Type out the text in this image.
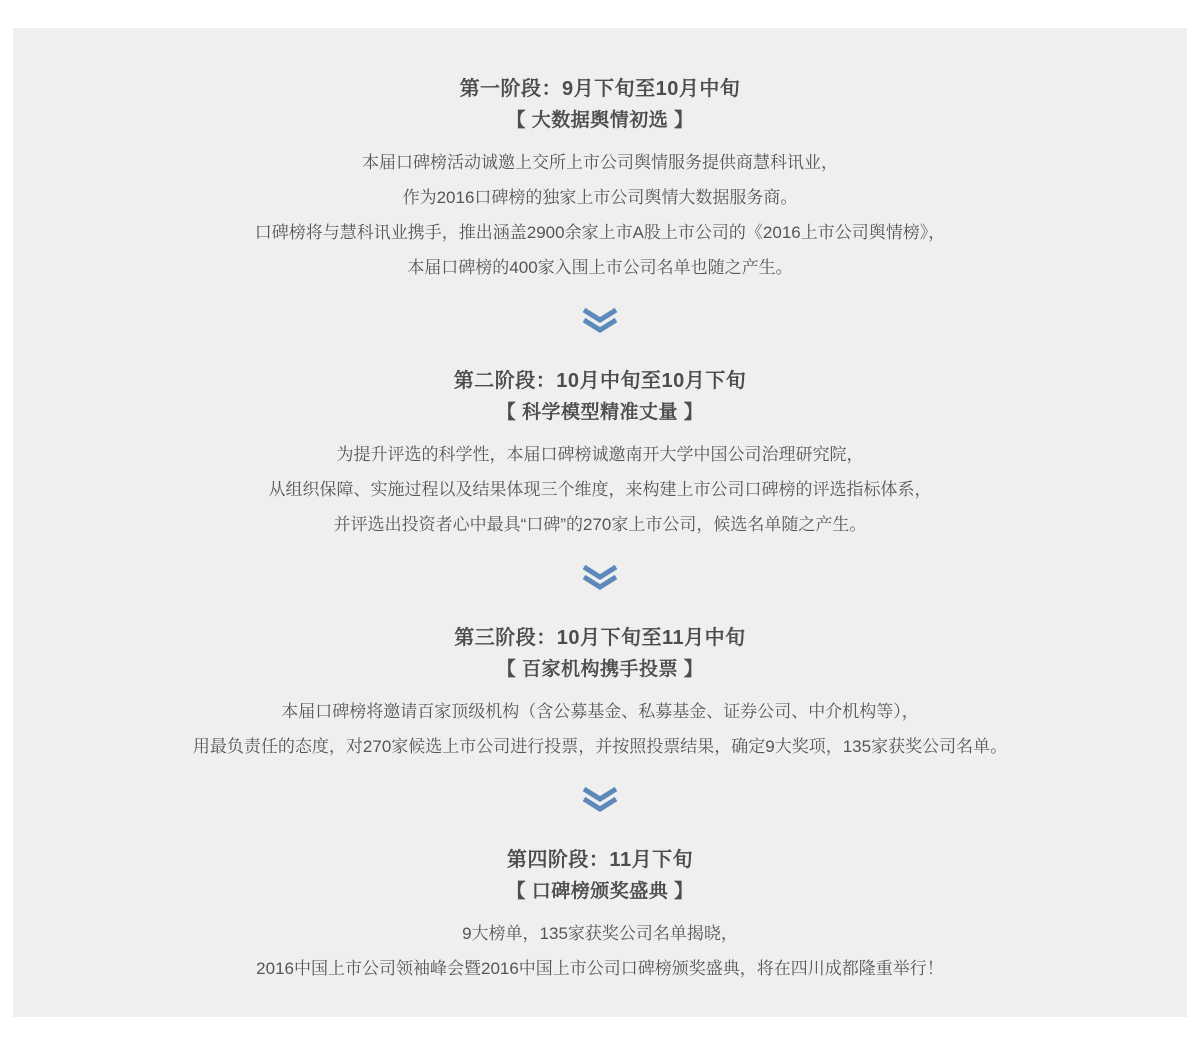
第一阶段：9月下旬至10月中旬
【 大数据舆情初选 】
本届口碑榜活动诚邀上交所上市公司舆情服务提供商慧科讯业，
作为2016口碑榜的独家上市公司舆情大数据服务商。
口碑榜将与慧科讯业携手，推出涵盖2900余家上市A股上市公司的《2016上市公司舆情榜》，
本届口碑榜的400家入围上市公司名单也随之产生。
第二阶段：10月中旬至10月下旬
【 科学模型精准丈量 】
为提升评选的科学性，本届口碑榜诚邀南开大学中国公司治理研究院，
从组织保障、实施过程以及结果体现三个维度，来构建上市公司口碑榜的评选指标体系，
并评选出投资者心中最具“口碑”的270家上市公司，候选名单随之产生。
第三阶段：10月下旬至11月中旬
【 百家机构携手投票 】
本届口碑榜将邀请百家顶级机构（含公募基金、私募基金、证券公司、中介机构等），
用最负责任的态度，对270家候选上市公司进行投票，并按照投票结果，确定9大奖项，135家获奖公司名单。
第四阶段：11月下旬
【 口碑榜颁奖盛典 】
9大榜单，135家获奖公司名单揭晓，
2016中国上市公司领袖峰会暨2016中国上市公司口碑榜颁奖盛典，将在四川成都隆重举行！
